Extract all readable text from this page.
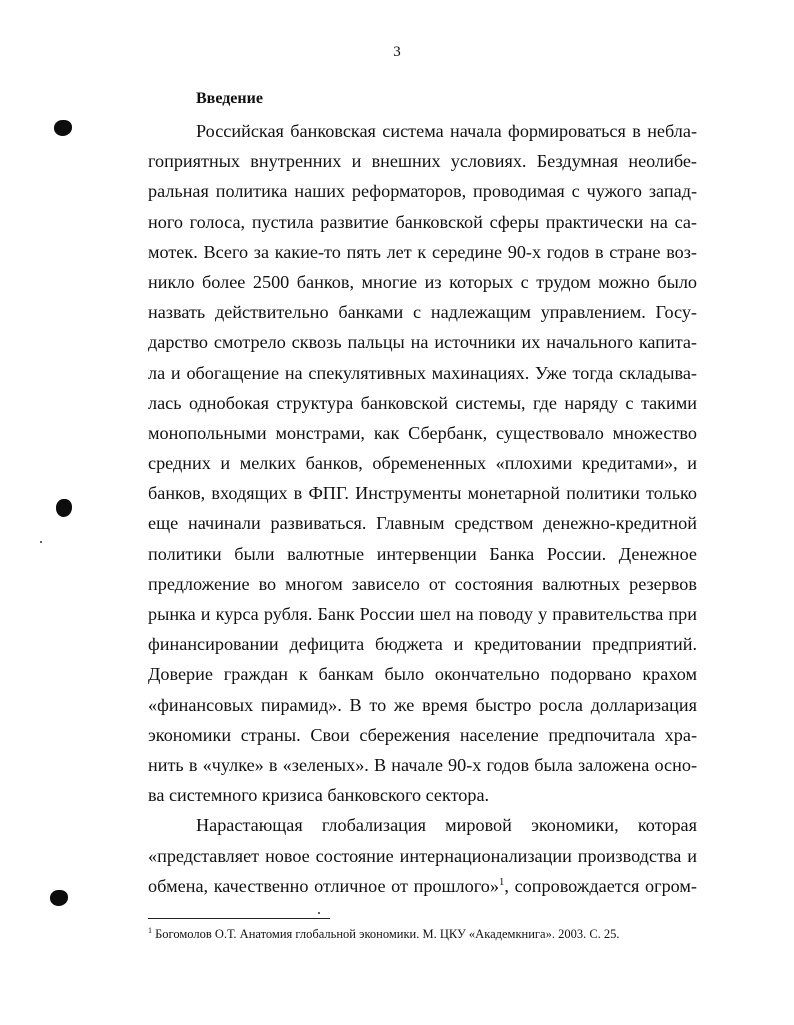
3
Введение
Российская банковская система начала формироваться в небла-
гоприятных внутренних и внешних условиях. Бездумная неолибе-
ральная политика наших реформаторов, проводимая с чужого запад-
ного голоса, пустила развитие банковской сферы практически на са-
мотек. Всего за какие-то пять лет к середине 90-х годов в стране воз-
никло более 2500 банков, многие из которых с трудом можно было
назвать действительно банками с надлежащим управлением. Госу-
дарство смотрело сквозь пальцы на источники их начального капита-
ла и обогащение на спекулятивных махинациях. Уже тогда складыва-
лась однобокая структура банковской системы, где наряду с такими
монопольными монстрами, как Сбербанк, существовало множество
средних и мелких банков, обремененных «плохими кредитами», и
банков, входящих в ФПГ. Инструменты монетарной политики только
еще начинали развиваться. Главным средством денежно-кредитной
политики были валютные интервенции Банка России. Денежное
предложение во многом зависело от состояния валютных резервов
рынка и курса рубля. Банк России шел на поводу у правительства при
финансировании дефицита бюджета и кредитовании предприятий.
Доверие граждан к банкам было окончательно подорвано крахом
«финансовых пирамид». В то же время быстро росла долларизация
экономики страны. Свои сбережения население предпочитала хра-
нить в «чулке» в «зеленых». В начале 90-х годов была заложена осно-
ва системного кризиса банковского сектора.
Нарастающая глобализация мировой экономики, которая
«представляет новое состояние интернационализации производства и
обмена, качественно отличное от прошлого»$^1$, сопровождается огром-
$^1$ Богомолов О.Т. Анатомия глобальной экономики. М. ЦКУ «Академкнига». 2003. С. 25.
